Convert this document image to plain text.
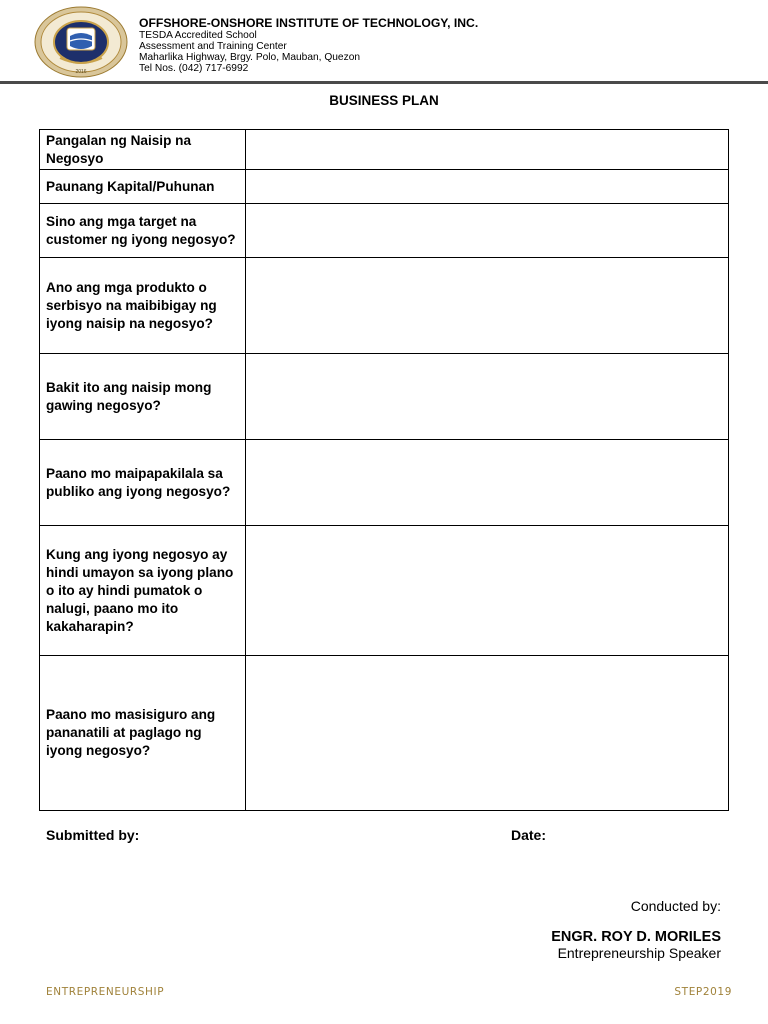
2016
OFFSHORE-ONSHORE INSTITUTE OF TECHNOLOGY, INC.
TESDA Accredited School
Assessment and Training Center
Maharlika Highway, Brgy. Polo, Mauban, Quezon
Tel Nos. (042) 717-6992
BUSINESS PLAN
Pangalan ng Naisip na Negosyo	
Paunang Kapital/Puhunan	
Sino ang mga target na customer ng iyong negosyo?	
Ano ang mga produkto o serbisyo na maibibigay ng iyong naisip na negosyo?	
Bakit ito ang naisip mong gawing negosyo?	
Paano mo maipapakilala sa publiko ang iyong negosyo?	
Kung ang iyong negosyo ay hindi umayon sa iyong plano o ito ay hindi pumatok o nalugi, paano mo ito kakaharapin?	
Paano mo masisiguro ang pananatili at paglago ng iyong negosyo?	
Submitted by:	Date:
Conducted by:
ENGR. ROY D. MORILES
Entrepreneurship Speaker
ENTREPRENEURSHIP	STEP2019
